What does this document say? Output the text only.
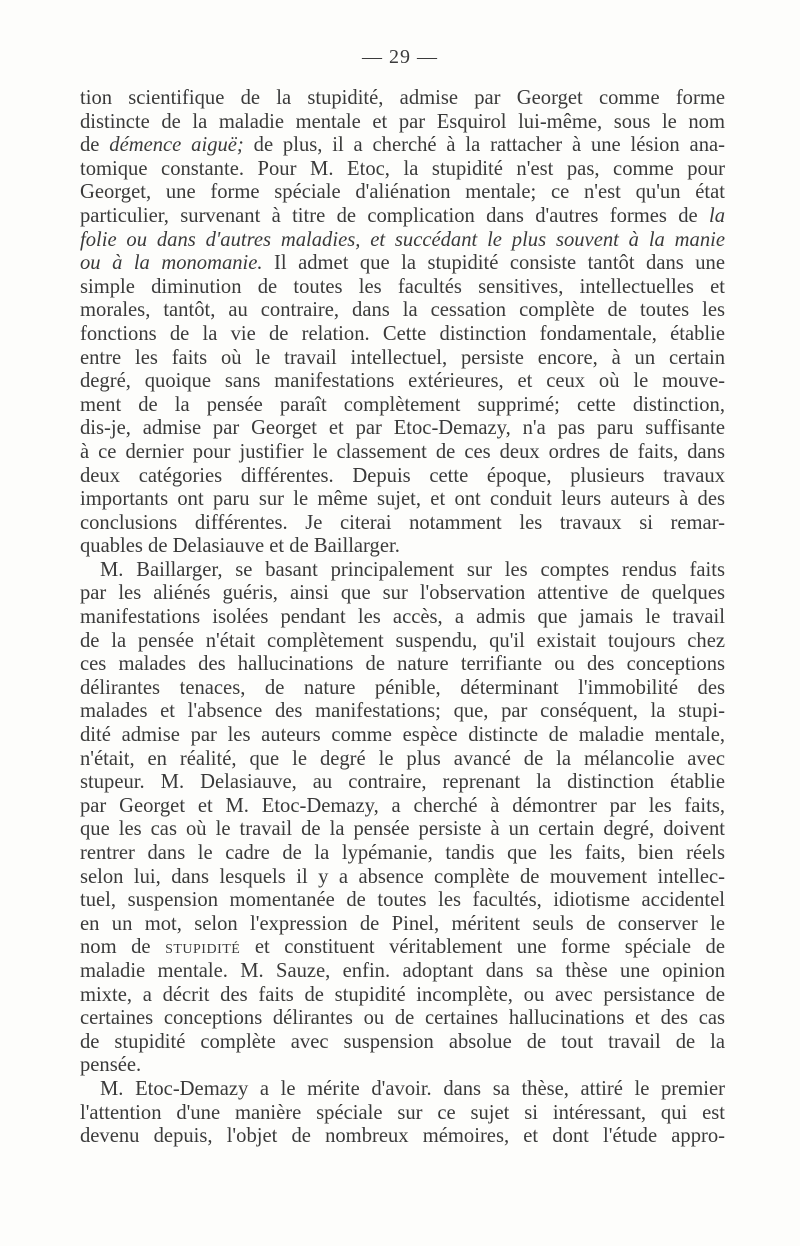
— 29 —
tion scientifique de la stupidité, admise par Georget comme forme
distincte de la maladie mentale et par Esquirol lui-même, sous le nom
de démence aiguë; de plus, il a cherché à la rattacher à une lésion ana-
tomique constante. Pour M. Etoc, la stupidité n'est pas, comme pour
Georget, une forme spéciale d'aliénation mentale; ce n'est qu'un état
particulier, survenant à titre de complication dans d'autres formes de la
folie ou dans d'autres maladies, et succédant le plus souvent à la manie
ou à la monomanie. Il admet que la stupidité consiste tantôt dans une
simple diminution de toutes les facultés sensitives, intellectuelles et
morales, tantôt, au contraire, dans la cessation complète de toutes les
fonctions de la vie de relation. Cette distinction fondamentale, établie
entre les faits où le travail intellectuel, persiste encore, à un certain
degré, quoique sans manifestations extérieures, et ceux où le mouve-
ment de la pensée paraît complètement supprimé; cette distinction,
dis-je, admise par Georget et par Etoc-Demazy, n'a pas paru suffisante
à ce dernier pour justifier le classement de ces deux ordres de faits, dans
deux catégories différentes. Depuis cette époque, plusieurs travaux
importants ont paru sur le même sujet, et ont conduit leurs auteurs à des
conclusions différentes. Je citerai notamment les travaux si remar-
quables de Delasiauve et de Baillarger.
M. Baillarger, se basant principalement sur les comptes rendus faits
par les aliénés guéris, ainsi que sur l'observation attentive de quelques
manifestations isolées pendant les accès, a admis que jamais le travail
de la pensée n'était complètement suspendu, qu'il existait toujours chez
ces malades des hallucinations de nature terrifiante ou des conceptions
délirantes tenaces, de nature pénible, déterminant l'immobilité des
malades et l'absence des manifestations; que, par conséquent, la stupi-
dité admise par les auteurs comme espèce distincte de maladie mentale,
n'était, en réalité, que le degré le plus avancé de la mélancolie avec
stupeur. M. Delasiauve, au contraire, reprenant la distinction établie
par Georget et M. Etoc-Demazy, a cherché à démontrer par les faits,
que les cas où le travail de la pensée persiste à un certain degré, doivent
rentrer dans le cadre de la lypémanie, tandis que les faits, bien réels
selon lui, dans lesquels il y a absence complète de mouvement intellec-
tuel, suspension momentanée de toutes les facultés, idiotisme accidentel
en un mot, selon l'expression de Pinel, méritent seuls de conserver le
nom de stupidité et constituent véritablement une forme spéciale de
maladie mentale. M. Sauze, enfin. adoptant dans sa thèse une opinion
mixte, a décrit des faits de stupidité incomplète, ou avec persistance de
certaines conceptions délirantes ou de certaines hallucinations et des cas
de stupidité complète avec suspension absolue de tout travail de la
pensée.
M. Etoc-Demazy a le mérite d'avoir. dans sa thèse, attiré le premier
l'attention d'une manière spéciale sur ce sujet si intéressant, qui est
devenu depuis, l'objet de nombreux mémoires, et dont l'étude appro-
